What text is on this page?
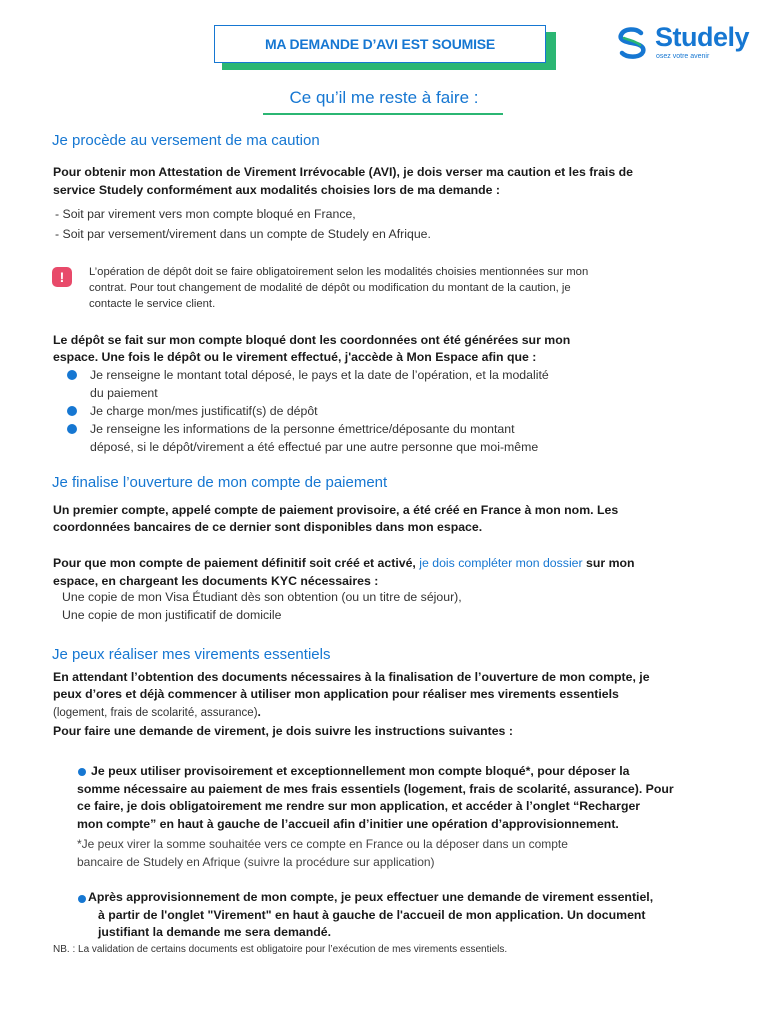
MA DEMANDE D’AVI EST SOUMISE	Studely
osez votre avenir
Ce qu’il me reste à faire :
Je procède au versement de ma caution
Pour obtenir mon Attestation de Virement Irrévocable (AVI), je dois verser ma caution et les frais de
service Studely conformément aux modalités choisies lors de ma demande :
- Soit par virement vers mon compte bloqué en France,
- Soit par versement/virement dans un compte de Studely en Afrique.
!	L’opération de dépôt doit se faire obligatoirement selon les modalités choisies mentionnées sur mon
contrat. Pour tout changement de modalité de dépôt ou modification du montant de la caution, je
contacte le service client.
Le dépôt se fait sur mon compte bloqué dont les coordonnées ont été générées sur mon
espace. Une fois le dépôt ou le virement effectué, j'accède à Mon Espace afin que :
Je renseigne le montant total déposé, le pays et la date de l’opération, et la modalité
du paiement
Je charge mon/mes justificatif(s) de dépôt
Je renseigne les informations de la personne émettrice/déposante du montant
déposé, si le dépôt/virement a été effectué par une autre personne que moi-même
Je finalise l’ouverture de mon compte de paiement
Un premier compte, appelé compte de paiement provisoire, a été créé en France à mon nom. Les
coordonnées bancaires de ce dernier sont disponibles dans mon espace.
Pour que mon compte de paiement définitif soit créé et activé, je dois compléter mon dossier sur mon
espace, en chargeant les documents KYC nécessaires :
Une copie de mon Visa Étudiant dès son obtention (ou un titre de séjour),
Une copie de mon justificatif de domicile
Je peux réaliser mes virements essentiels
En attendant l’obtention des documents nécessaires à la finalisation de l’ouverture de mon compte, je
peux d’ores et déjà commencer à utiliser mon application pour réaliser mes virements essentiels
(logement, frais de scolarité, assurance).
Pour faire une demande de virement, je dois suivre les instructions suivantes :
Je peux utiliser provisoirement et exceptionnellement mon compte bloqué*, pour déposer la
somme nécessaire au paiement de mes frais essentiels (logement, frais de scolarité, assurance). Pour
ce faire, je dois obligatoirement me rendre sur mon application, et accéder à l’onglet “Recharger
mon compte” en haut à gauche de l’accueil afin d’initier une opération d’approvisionnement.
*Je peux virer la somme souhaitée vers ce compte en France ou la déposer dans un compte
bancaire de Studely en Afrique (suivre la procédure sur application)
Après approvisionnement de mon compte, je peux effectuer une demande de virement essentiel,
à partir de l'onglet "Virement" en haut à gauche de l'accueil de mon application. Un document
justifiant la demande me sera demandé.
NB. : La validation de certains documents est obligatoire pour l’exécution de mes virements essentiels.
